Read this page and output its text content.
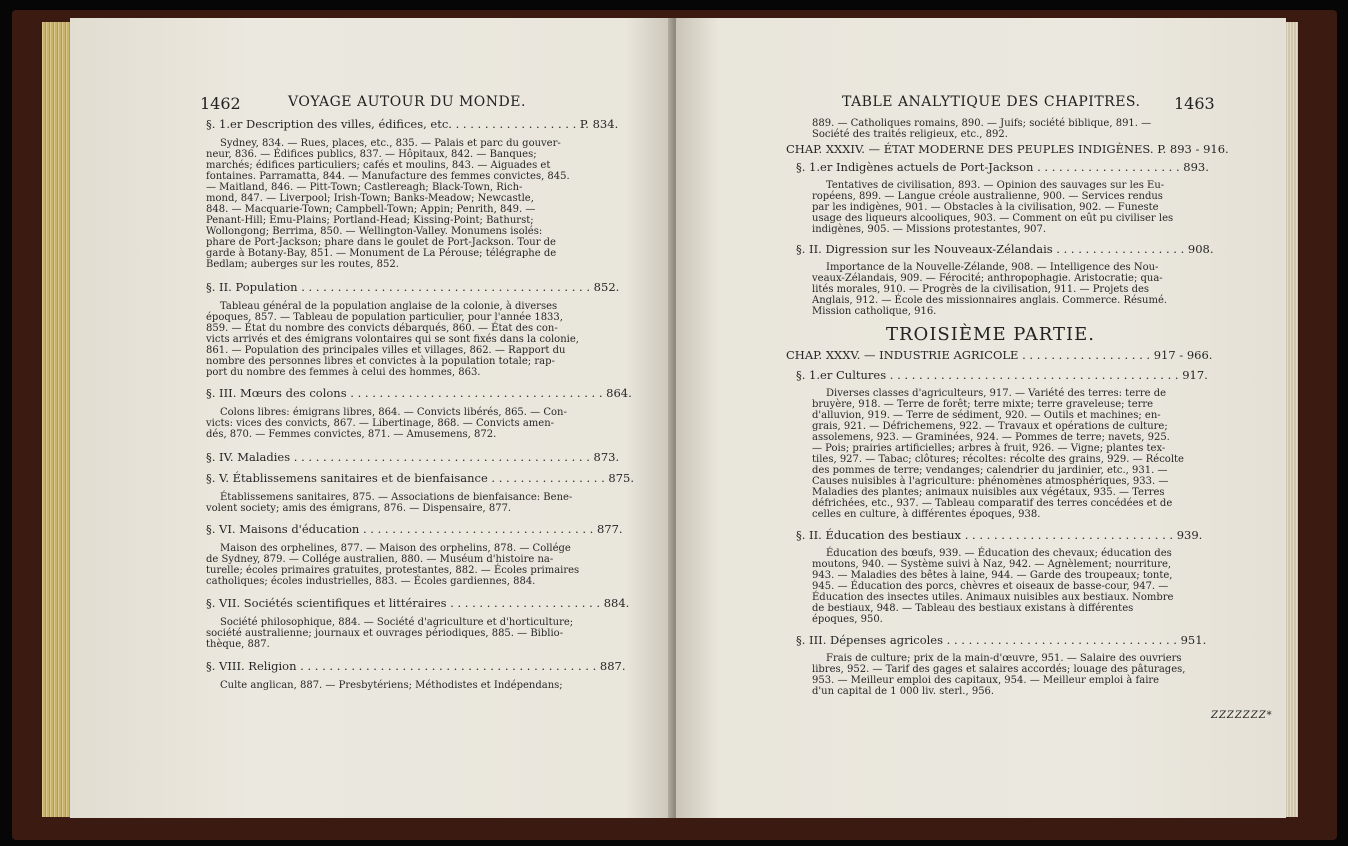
1462	VOYAGE AUTOUR DU MONDE.
§. 1.er Description des villes, édifices, etc. . . . . . . . . . . . . . . . . . P. 834.
Sydney, 834. — Rues, places, etc., 835. — Palais et parc du gouver-
neur, 836. — Édifices publics, 837. — Hôpitaux, 842. — Banques;
marchés; édifices particuliers; cafés et moulins, 843. — Aiguades et
fontaines. Parramatta, 844. — Manufacture des femmes convictes, 845.
— Maitland, 846. — Pitt-Town; Castlereagh; Black-Town, Rich-
mond, 847. — Liverpool; Irish-Town; Banks-Meadow; Newcastle,
848. — Macquarie-Town; Campbell-Town; Appin; Penrith, 849. —
Penant-Hill; Emu-Plains; Portland-Head; Kissing-Point; Bathurst;
Wollongong; Berrima, 850. — Wellington-Valley. Monumens isolés:
phare de Port-Jackson; phare dans le goulet de Port-Jackson. Tour de
garde à Botany-Bay, 851. — Monument de La Pérouse; télégraphe de
Bedlam; auberges sur les routes, 852.
§. II. Population . . . . . . . . . . . . . . . . . . . . . . . . . . . . . . . . . . . . . . . . 852.
Tableau général de la population anglaise de la colonie, à diverses
époques, 857. — Tableau de population particulier, pour l'année 1833,
859. — État du nombre des convicts débarqués, 860. — État des con-
victs arrivés et des émigrans volontaires qui se sont fixés dans la colonie,
861. — Population des principales villes et villages, 862. — Rapport du
nombre des personnes libres et convictes à la population totale; rap-
port du nombre des femmes à celui des hommes, 863.
§. III. Mœurs des colons . . . . . . . . . . . . . . . . . . . . . . . . . . . . . . . . . . . 864.
Colons libres: émigrans libres, 864. — Convicts libérés, 865. — Con-
victs: vices des convicts, 867. — Libertinage, 868. — Convicts amen-
dés, 870. — Femmes convictes, 871. — Amusemens, 872.
§. IV. Maladies . . . . . . . . . . . . . . . . . . . . . . . . . . . . . . . . . . . . . . . . . 873.
§. V. Établissemens sanitaires et de bienfaisance . . . . . . . . . . . . . . . . 875.
Établissemens sanitaires, 875. — Associations de bienfaisance: Bene-
volent society; amis des émigrans, 876. — Dispensaire, 877.
§. VI. Maisons d'éducation . . . . . . . . . . . . . . . . . . . . . . . . . . . . . . . . 877.
Maison des orphelines, 877. — Maison des orphelins, 878. — Collége
de Sydney, 879. — Collége australien, 880. — Muséum d'histoire na-
turelle; écoles primaires gratuites, protestantes, 882. — Écoles primaires
catholiques; écoles industrielles, 883. — Écoles gardiennes, 884.
§. VII. Sociétés scientifiques et littéraires . . . . . . . . . . . . . . . . . . . . . 884.
Société philosophique, 884. — Société d'agriculture et d'horticulture;
société australienne; journaux et ouvrages périodiques, 885. — Biblio-
thèque, 887.
§. VIII. Religion . . . . . . . . . . . . . . . . . . . . . . . . . . . . . . . . . . . . . . . . . 887.
Culte anglican, 887. — Presbytériens; Méthodistes et Indépendans;
TABLE ANALYTIQUE DES CHAPITRES. 1463
889. — Catholiques romains, 890. — Juifs; société biblique, 891. —
Société des traités religieux, etc., 892.
CHAP. XXXIV. — ÉTAT MODERNE DES PEUPLES INDIGÈNES. P. 893 - 916.
§. 1.er Indigènes actuels de Port-Jackson . . . . . . . . . . . . . . . . . . . . 893.
Tentatives de civilisation, 893. — Opinion des sauvages sur les Eu-
ropéens, 899. — Langue créole australienne, 900. — Services rendus
par les indigènes, 901. — Obstacles à la civilisation, 902. — Funeste
usage des liqueurs alcooliques, 903. — Comment on eût pu civiliser les
indigènes, 905. — Missions protestantes, 907.
§. II. Digression sur les Nouveaux-Zélandais . . . . . . . . . . . . . . . . . . 908.
Importance de la Nouvelle-Zélande, 908. — Intelligence des Nou-
veaux-Zélandais, 909. — Férocité; anthropophagie. Aristocratie; qua-
lités morales, 910. — Progrès de la civilisation, 911. — Projets des
Anglais, 912. — École des missionnaires anglais. Commerce. Résumé.
Mission catholique, 916.
TROISIÈME PARTIE.
CHAP. XXXV. — INDUSTRIE AGRICOLE . . . . . . . . . . . . . . . . . . 917 - 966.
§. 1.er Cultures . . . . . . . . . . . . . . . . . . . . . . . . . . . . . . . . . . . . . . . . 917.
Diverses classes d'agriculteurs, 917. — Variété des terres: terre de
bruyère, 918. — Terre de forêt; terre mixte; terre graveleuse; terre
d'alluvion, 919. — Terre de sédiment, 920. — Outils et machines; en-
grais, 921. — Défrichemens, 922. — Travaux et opérations de culture;
assolemens, 923. — Graminées, 924. — Pommes de terre; navets, 925.
— Pois; prairies artificielles; arbres à fruit, 926. — Vigne; plantes tex-
tiles, 927. — Tabac; clôtures; récoltes: récolte des grains, 929. — Récolte
des pommes de terre; vendanges; calendrier du jardinier, etc., 931. —
Causes nuisibles à l'agriculture: phénomènes atmosphériques, 933. —
Maladies des plantes; animaux nuisibles aux végétaux, 935. — Terres
défrichées, etc., 937. — Tableau comparatif des terres concédées et de
celles en culture, à différentes époques, 938.
§. II. Éducation des bestiaux . . . . . . . . . . . . . . . . . . . . . . . . . . . . . 939.
Éducation des bœufs, 939. — Éducation des chevaux; éducation des
moutons, 940. — Système suivi à Naz, 942. — Agnèlement; nourriture,
943. — Maladies des bêtes à laine, 944. — Garde des troupeaux; tonte,
945. — Éducation des porcs, chèvres et oiseaux de basse-cour, 947. —
Éducation des insectes utiles. Animaux nuisibles aux bestiaux. Nombre
de bestiaux, 948. — Tableau des bestiaux existans à différentes
époques, 950.
§. III. Dépenses agricoles . . . . . . . . . . . . . . . . . . . . . . . . . . . . . . . . 951.
Frais de culture; prix de la main-d'œuvre, 951. — Salaire des ouvriers
libres, 952. — Tarif des gages et salaires accordés; louage des pâturages,
953. — Meilleur emploi des capitaux, 954. — Meilleur emploi à faire
d'un capital de 1 000 liv. sterl., 956.
ZZZZZZZ*
